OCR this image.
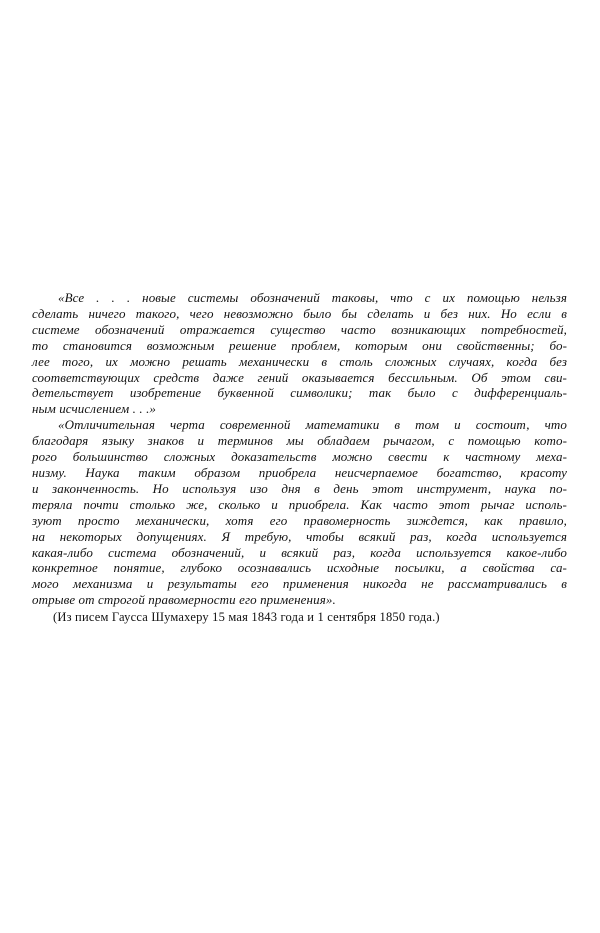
«Все . . . новые системы обозначений таковы, что с их помощью нельзя
сделать ничего такого, чего невозможно было бы сделать и без них. Но если в
системе обозначений отражается существо часто возникающих потребностей,
то становится возможным решение проблем, которым они свойственны; бо-
лее того, их можно решать механически в столь сложных случаях, когда без
соответствующих средств даже гений оказывается бессильным. Об этом сви-
детельствует изобретение буквенной символики; так было с дифференциаль-
ным исчислением . . .»
«Отличительная черта современной математики в том и состоит, что
благодаря языку знаков и терминов мы обладаем рычагом, с помощью кото-
рого большинство сложных доказательств можно свести к частному меха-
низму. Наука таким образом приобрела неисчерпаемое богатство, красоту
и законченность. Но используя изо дня в день этот инструмент, наука по-
теряла почти столько же, сколько и приобрела. Как часто этот рычаг исполь-
зуют просто механически, хотя его правомерность зиждется, как правило,
на некоторых допущениях. Я требую, чтобы всякий раз, когда используется
какая-либо система обозначений, и всякий раз, когда используется какое-либо
конкретное понятие, глубоко осознавались исходные посылки, а свойства са-
мого механизма и результаты его применения никогда не рассматривались в
отрыве от строгой правомерности его применения».
(Из писем Гаусса Шумахеру 15 мая 1843 года и 1 сентября 1850 года.)
